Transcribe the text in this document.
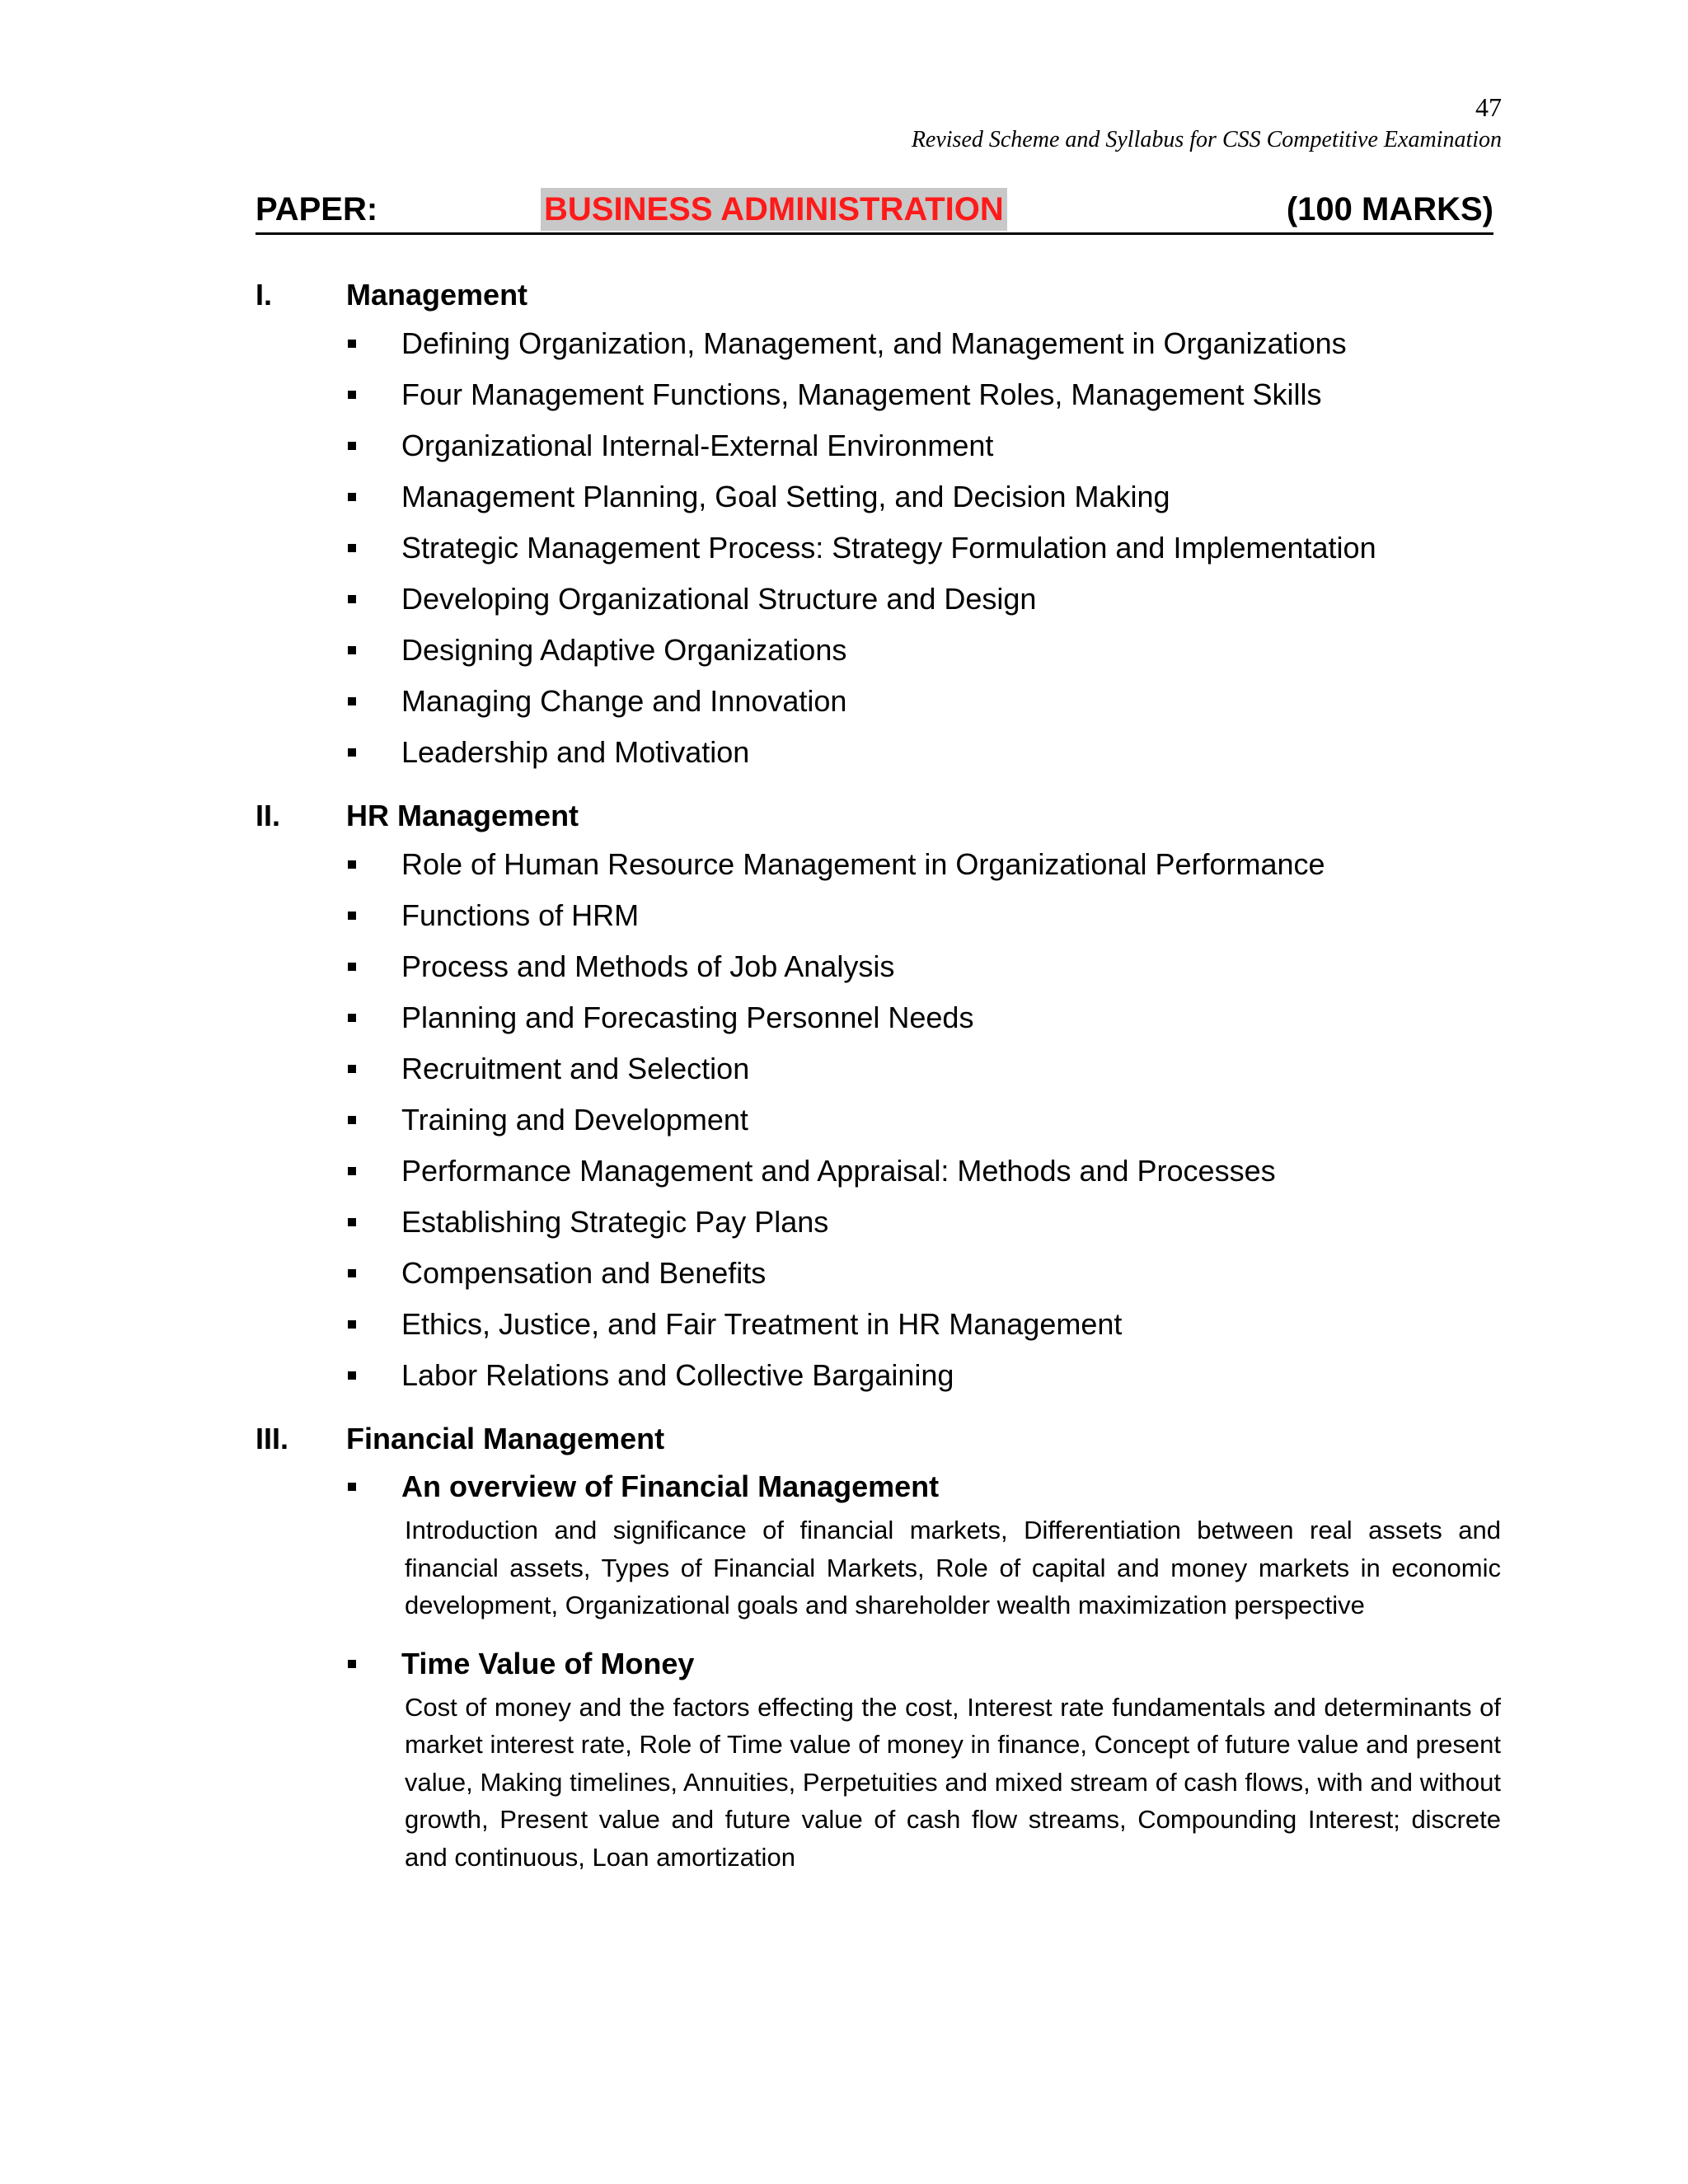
47
Revised Scheme and Syllabus for CSS Competitive Examination
PAPER:	BUSINESS ADMINISTRATION	(100 MARKS)
I. Management
Defining Organization, Management, and Management in Organizations
Four Management Functions, Management Roles, Management Skills
Organizational Internal-External Environment
Management Planning, Goal Setting, and Decision Making
Strategic Management Process: Strategy Formulation and Implementation
Developing Organizational Structure and Design
Designing Adaptive Organizations
Managing Change and Innovation
Leadership and Motivation
II. HR Management
Role of Human Resource Management in Organizational Performance
Functions of HRM
Process and Methods of Job Analysis
Planning and Forecasting Personnel Needs
Recruitment and Selection
Training and Development
Performance Management and Appraisal: Methods and Processes
Establishing Strategic Pay Plans
Compensation and Benefits
Ethics, Justice, and Fair Treatment in HR Management
Labor Relations and Collective Bargaining
III. Financial Management
An overview of Financial Management
Introduction and significance of financial markets, Differentiation between real assets and financial assets, Types of Financial Markets, Role of capital and money markets in economic development, Organizational goals and shareholder wealth maximization perspective
Time Value of Money
Cost of money and the factors effecting the cost, Interest rate fundamentals and determinants of market interest rate, Role of Time value of money in finance, Concept of future value and present value, Making timelines, Annuities, Perpetuities and mixed stream of cash flows, with and without growth, Present value and future value of cash flow streams, Compounding Interest; discrete and continuous, Loan amortization
